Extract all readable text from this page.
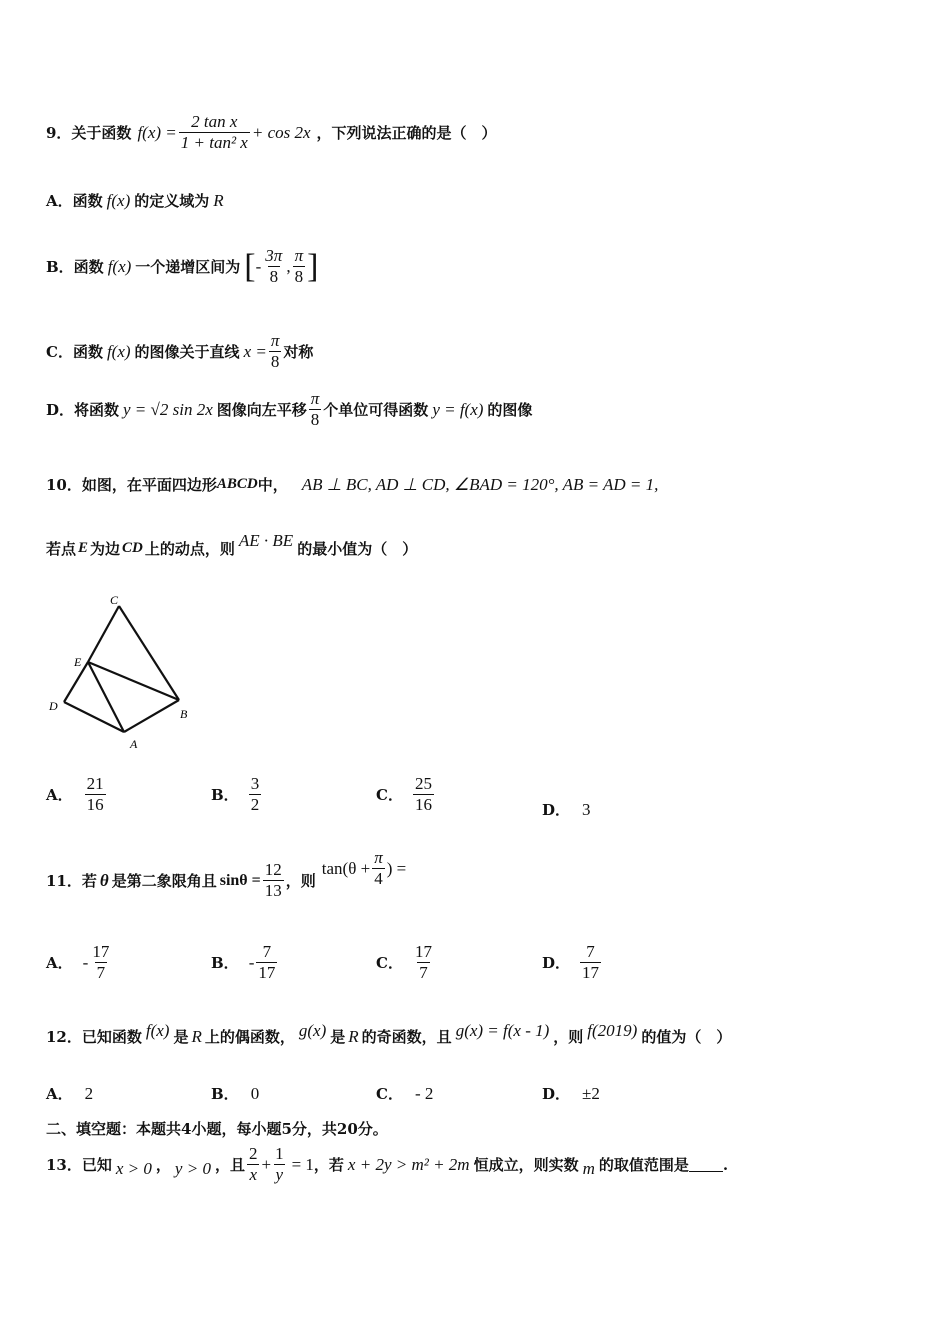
9．关于函数 $f(x) = \frac{\text{2 tan x}}{\text{1 + tan² x}} + \cos 2x$ ，下列说法正确的是（　）
A．函数 f(x) 的定义域为 R
B．函数 f(x) 一个递增区间为 [ - $\frac{3\pi}{8}$ , $\frac{\pi}{8}$ ]
C．函数 f(x) 的图像关于直线 $x = \frac{\pi}{8}$ 对称
D．将函数 y = √2 sin 2x 图像向左平移 $\frac{\pi}{8}$ 个单位可得函数 y = f(x) 的图像
10．如图，在平面四边形 ABCD 中， AB ⊥ BC, AD ⊥ CD, ∠BAD = 120°, AB = AD = 1,
若点 E 为边 CD 上的动点，则 AE · BE 的最小值为（　）
C
E
D
B
A
A． $\frac{21}{16}$	B． $\frac{3}{2}$	C． $\frac{25}{16}$	D． 3
11．若 θ 是第二象限角且 $\sin\theta = \frac{12}{13}$ ，则
$\tan(\theta + \frac{\pi}{4}$ ) =
A． - $\frac{17}{7}$	B． - $\frac{7}{17}$	C． $\frac{17}{7}$	D． $\frac{7}{17}$
12．已知函数 f(x) 是 R 上的偶函数， g(x) 是 R 的奇函数，且 g(x) = f(x - 1) ，则 f(2019) 的值为（　）
A． 2	B． 0	C． - 2	D． ±2
二、填空题：本题共4小题，每小题5分，共20分。
13．已知 x > 0 ， y > 0 ，且 $\frac{2}{x} + \frac{1}{y} = 1$ ，若 x + 2y > m² + 2m 恒成立，则实数 m 的取值范围是 .
